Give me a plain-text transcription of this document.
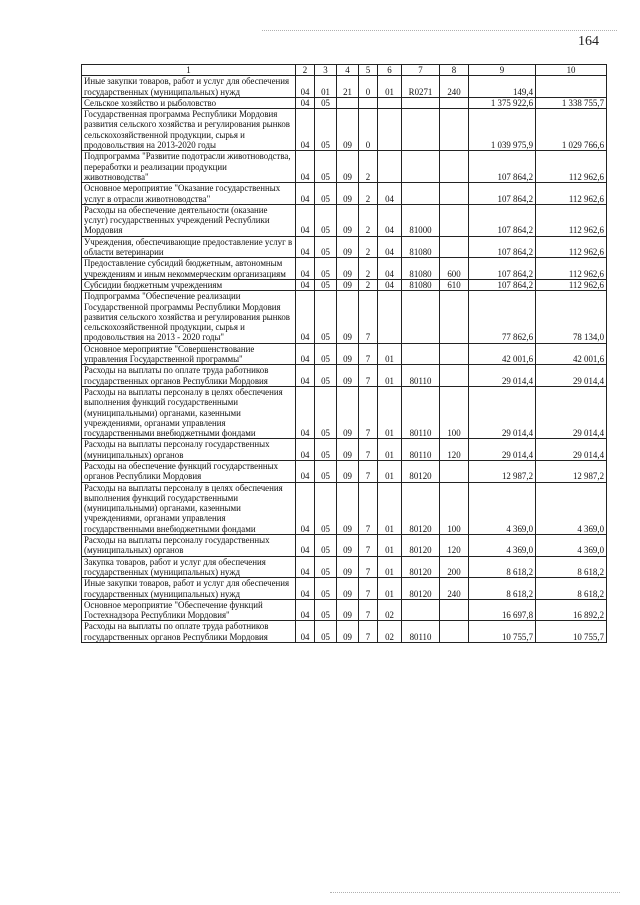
164
1	2	3	4	5	6	7	8	9	10
Иные закупки товаров, работ и услуг для обеспечения государственных (муниципальных) нужд	04	01	21	0	01	R0271	240	149,4	
Сельское хозяйство и рыболовство	04	05						1 375 922,6	1 338 755,7
Государственная программа Республики Мордовия развития сельского хозяйства и регулирования рынков сельскохозяйственной продукции, сырья и продовольствия на 2013-2020 годы	04	05	09	0				1 039 975,9	1 029 766,6
Подпрограмма "Развитие подотрасли животноводства, переработки и реализации продукции животноводства"	04	05	09	2				107 864,2	112 962,6
Основное мероприятие "Оказание государственных услуг в отрасли животноводства"	04	05	09	2	04			107 864,2	112 962,6
Расходы на обеспечение деятельности (оказание услуг) государственных учреждений Республики Мордовия	04	05	09	2	04	81000		107 864,2	112 962,6
Учреждения, обеспечивающие предоставление услуг в области ветеринарии	04	05	09	2	04	81080		107 864,2	112 962,6
Предоставление субсидий бюджетным, автономным учреждениям и иным некоммерческим организациям	04	05	09	2	04	81080	600	107 864,2	112 962,6
Субсидии бюджетным учреждениям	04	05	09	2	04	81080	610	107 864,2	112 962,6
Подпрограмма "Обеспечение реализации Государственной программы Республики Мордовия развития сельского хозяйства и регулирования рынков сельскохозяйственной продукции, сырья и продовольствия на 2013 - 2020 годы"	04	05	09	7				77 862,6	78 134,0
Основное мероприятие "Совершенствование управления Государственной программы"	04	05	09	7	01			42 001,6	42 001,6
Расходы на выплаты по оплате труда работников государственных органов Республики Мордовия	04	05	09	7	01	80110		29 014,4	29 014,4
Расходы на выплаты персоналу в целях обеспечения выполнения функций государственными (муниципальными) органами, казенными учреждениями, органами управления государственными внебюджетными фондами	04	05	09	7	01	80110	100	29 014,4	29 014,4
Расходы на выплаты персоналу государственных (муниципальных) органов	04	05	09	7	01	80110	120	29 014,4	29 014,4
Расходы на обеспечение функций государственных органов Республики Мордовия	04	05	09	7	01	80120		12 987,2	12 987,2
Расходы на выплаты персоналу в целях обеспечения выполнения функций государственными (муниципальными) органами, казенными учреждениями, органами управления государственными внебюджетными фондами	04	05	09	7	01	80120	100	4 369,0	4 369,0
Расходы на выплаты персоналу государственных (муниципальных) органов	04	05	09	7	01	80120	120	4 369,0	4 369,0
Закупка товаров, работ и услуг для обеспечения государственных (муниципальных) нужд	04	05	09	7	01	80120	200	8 618,2	8 618,2
Иные закупки товаров, работ и услуг для обеспечения государственных (муниципальных) нужд	04	05	09	7	01	80120	240	8 618,2	8 618,2
Основное мероприятие "Обеспечение функций Гостехнадзора Республики Мордовия"	04	05	09	7	02			16 697,8	16 892,2
Расходы на выплаты по оплате труда работников государственных органов Республики Мордовия	04	05	09	7	02	80110		10 755,7	10 755,7
